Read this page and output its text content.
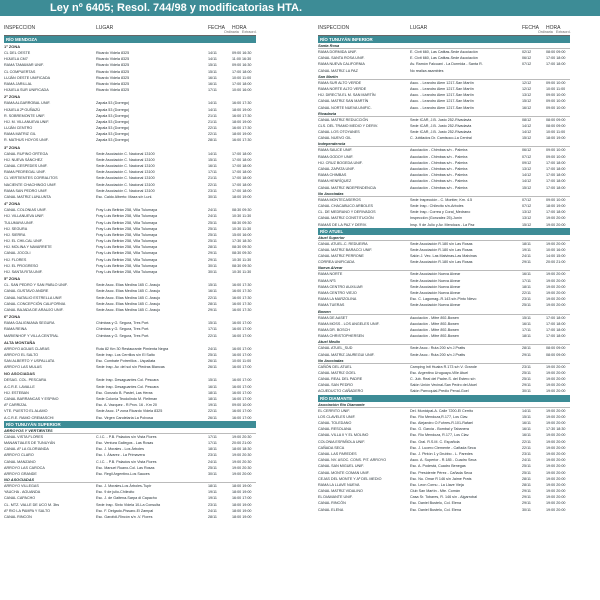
Ley nº 6405; Resol. 744/98 y modificatorias HTA.
INSPECCIÓN	LUGAR	FECHA HORA
Ordinaria Extraord.
RÍO MENDOZA
1ª ZONA
CL DEL OESTE	Ricardo Videla 8325	14/11	09:00 16:30
HIJUELA CM7	Ricardo Videla 8325	14/11	11:00 16:30
RAMA TAMAMAR UNIF.	Ricardo Videla 8325	15/11	09:00 16:30
CL COMPUERTAS	Ricardo Videla 8325	15/11	17:00 18:00
LUJÁN OESTE UNIFICADA	Ricardo Videla 8325	16/11	10:00 11:00
RAMA JARILLAL	Ricardo Videla 8325	16/11	17:00 18:00
HIJUELA SUR UNIFICADA	Ricardo Videla 8325	17/11	10:00 16:00
2ª ZONA
RAMA ALGARROBAL UNIF.	Zapala 53 (Dorrego)	14/11	16:00 17:30
HIJUELA 2ª GUÑAZÚ	Zapala 53 (Dorrego)	14/11	18:00 19:00
R. SOBREMONTE UNIF.	Zapala 53 (Dorrego)	21/11	16:00 17:30
HIJ. M. VILLANUEVA UNIF.	Zapala 53 (Dorrego)	21/11	18:00 19:00
LUJÁN CENTRO	Zapala 53 (Dorrego)	22/11	16:00 17:30
RAMA MATRIZ GIL	Zapala 53 (Dorrego)	22/11	18:00 19:00
R. MATHUS HOYOS UNIF.	Zapala 53 (Dorrego)	28/11	16:00 17:30
3ª ZONA
CANAL RUFINO ORTEGA	Sede Asociación C. Nacional 13100	14/11	17:00 18:00
HIJ. NUEVA SÁNCHEZ	Sede Asociación C. Nacional 13100	15/11	17:00 18:00
CANAL CESPEDES UNIF.	Sede Asociación C. Nacional 13100	16/11	17:00 18:00
RAMA PEDREGAL UNIF.	Sede Asociación C. Nacional 13100	17/11	17:00 18:00
CL VERTIENTES CORRALITOS	Sede Asociación C. Nacional 13100	21/11	17:00 18:00
NACIENTE CHACHINGO UNIF.	Sede Asociación C. Nacional 13100	22/11	17:00 18:00
RAMA SAN PEDRO UNIF.	Sede Asociación C. Nacional 13100	23/11	17:00 18:00
CANAL MATRIZ LUNLUNTA	Esc. Caldo Alberto: Maza s/n Lunl.	30/11	18:00 19:00
4ª ZONA
CANAL COLONIAS UNIF.	Fray Luis Beltrán 258, Villa Tulumaya	24/11	08:30 09:30
HIJ. VILLANUEVA UNIF.	Fray Luis Beltrán 258, Villa Tulumaya	24/11	10:30 11:30
TULUMAYA UNIF.	Fray Luis Beltrán 258, Villa Tulumaya	25/11	08:30 09:30
HIJ. SEGURA	Fray Luis Beltrán 258, Villa Tulumaya	25/11	10:30 11:30
HIJ. SIERRA	Fray Luis Beltrán 258, Villa Tulumaya	25/11	15:00 16:00
HIJ. EL CHILCAL UNIF.	Fray Luis Beltrán 258, Villa Tulumaya	25/11	17:30 18:30
HIJ. MOLINA Y NAVARRETE	Fray Luis Beltrán 258, Villa Tulumaya	28/11	08:30 09:30
CANAL JOCOLI	Fray Luis Beltrán 258, Villa Tulumaya	29/11	08:30 09:30
HIJ. FLORES	Fray Luis Beltrán 258, Villa Tulumaya	29/11	10:30 11:30
HIJ. EL PROGRESO	Fray Luis Beltrán 258, Villa Tulumaya	30/11	08:30 09:30
HIJ. SANTA RITA UNIF.	Fray Luis Beltrán 258, Villa Tulumaya	30/11	10:30 11:30
5ª ZONA
CL. SAN PEDRO Y SAN PABLO UNIF.	Sede Asoc. Elias Medina 165 C. Araujo	15/11	16:00 17:30
CANAL GUSTAVO ANDRE	Sede Asoc. Elias Medina 165 C. Araujo	16/11	16:00 17:30
CANAL NATALIO ESTRELLA UNIF.	Sede Asoc. Elias Medina 165 C. Araujo	22/11	16:00 17:30
CANAL CONCEPCIÓN CALIFORNIA	Sede Asoc. Elias Medina 165 C. Araujo	28/11	16:00 17:30
CANAL BAJADA DE ARAUJO UNIF.	Sede Asoc. Elias Medina 165 C. Araujo	29/11	16:00 17:30
6ª ZONA
RAMA GALIGNIANA SEGURA	Chimbas y G. Segura, Tres Port.	15/11	16:00 17:00
RAMA REINA	Chimbas y G. Segura, Tres Port.	17/11	16:00 17:00
MARIENHOF Y VILLA CENTRAL	Chimbas y G. Segura, Tres Port.	22/11	16:00 17:00
ALTA MONTAÑA
ARROYO AGUAS CLARAS	Ruta 82 Km 30 Restaurante Pimienta Negra	24/11	16:00 17:00
ARROYO EL SALTO	Sede Insp. Los Cerrillos s/n El Salto	25/11	16:00 17:00
SAN ALBERTO Y USPALLATA	Esc. Combate Potrerillos - Uspallata	26/11	10:00 11:00
ARROYO LAS MULAS	Sede Insp. Av. del sol s/n Piedras Blancas	26/11	16:00 17:00
NO ASOCIADAS
DESAG. COL. PESCARA	Sede Insp. Desaguantes Col. Pescara	15/11	16:00 17:00
A.C.R.E. LAVALLE	Sede Insp. Desaguantes Col. Pescara	16/11	16:00 17:00
HIJ. ESTEBAN	Esc. Gonzalo B. Pastel, Las Heras	18/11	16:00 17:00
CANAL BARRANCAS Y ESPINO	Sede Colonia Teodolindo M. Fleitman	18/11	16:00 17:00
Aº CARRIZAL	Esc. A. Vazquez - R.Prov. 16 - Km 20	19/11	09:00 10:00
VTE. PUESTO EL ALAMO	Sede Asoc. 1ª zona Ricardo Videla 8325	22/11	16:00 17:00
A.C.R.E. RAMO CREMASCHI	Esc. Virgen Candelaria La Polvosa	26/11	16:00 17:00
RÍO TUNUYÁN SUPERIOR
ARROYOS Y VERTIENTES
CANAL VISTA FLORES	C.I.C. - P.B. Palacios s/n Vista Flores	17/11	19:00 20:30
MANANTIALES DE TUNUYÁN	Esc. Ventura Gallegos - Las Rosas	17/11	20:00 21:00
CANAL Aº LA GLORIANDA	Esc. J. Morales - Los Árboles	18/11	18:00 18:30
ARROYO CLARO	Esc. I. Álvarez - La Primavera	23/11	19:00 20:30
CANAL MANZANO	C.I.C. - P.B. Palacios s/n Vista Flores	24/11	19:00 20:30
ARROYO LAS CAROCA	Esc. Manuel Ruano-Col. Las Rosas	25/11	19:00 20:30
ARROYO GRANDE	Esc. Regil Argentino-Los Sauces	30/11	19:00 20:00
NO ASOCIADAS
ARROYO VILLEGAS	Esc. J. Morales-Los Árboles-Tupir	18/11	18:00 19:00
YAUCHA - AGUANDA	Esc. 9 de julio-Chilecito	19/11	18:00 19:00
CANAL CAPACHO	Esc. J. de Gaitena-Sarpa di Capacho	19/11	16:00 17:00
CL. MTZ. VALLE DE UCO M. 3bs	Sede Insp. Sixto Videla 10-La Consulta	23/11	18:00 19:00
Aº RIO LA PAMPA Y SALTO	Esc. F. Delgado-Pissaro-El Zampal	24/11	18:00 19:00
CANAL RINCON	Esc. Garofoli-Rincón s/n -V. Flores	28/11	18:00 19:00
INSPECCIÓN	LUGAR	FECHA HORA
Ordinaria Extraord.
RÍO TUNUYÁN INFERIOR
Santa Rosa
RAMA DORMIDA UNIF.	E. Civit 660, Las Catitas-Sede Asociación	02/12	08:00 09:00
CANAL SANTA ROSA UNIF.	E. Civit 660, Las Catitas-Sede Asociación	06/12	17:00 18:00
RAMA NUEVA CALIFORNIA	Av. Ramón Falcuani - La Dormida - Santa R.	07/12	17:00 18:00
CANAL MATRIZ LA PAZ	No realiza asambles
San Martín
RAMA SUR ALTO VERDE	Asoc. - Leandro Alem 1217-San Martín	12/12	09:00 10:00
RAMA NORTE ALTO VERDE	Asoc. - Leandro Alem 1217-San Martín	12/12	10:00 11:00
HIJ. DIRECTA EL M. SAN MARTÍN	Asoc. - Leandro Alem 1217-San Martín	13/12	09:00 10:00
CANAL MATRIZ SAN MARTÍN	Asoc. - Leandro Alem 1217-San Martín	15/12	09:00 10:00
CANAL NORTE NUEVA UNIFIC.	Asoc. - Leandro Alem 1217-San Martín	16/12	09:00 10:00
Rivadavia
CANAL MATRIZ REDUCCIÓN	Sede ICAR, J.B. Justo 252-Rivadavia	08/12	08:00 09:00
CLS. DEL TRAMO MEDIO Y DERIV.	Sede ICAR, J.B. Justo 252-Rivadavia	14/12	08:00 09:00
CANAL LOS OTOYANES	Sede ICAR, J.B. Justo 252-Rivadavia	14/12	10:00 11:00
CANAL NUEVO GIL	C. Jubilados Dr. Camisoco-La Central	15/12	18:00 19:00
Independencia
RAMA SAUCE UNIF.	Asociación - Chimbas s/n - Palmira	06/12	09:00 10:00
RAMA GODOY UNIF.	Asociación - Chimbas s/n - Palmira	07/12	09:00 10:00
HIJ. CRUZ BOGEDA UNIF.	Asociación - Chimbas s/n - Palmira	09/12	17:00 18:00
CANAL ZAPATA UNIF.	Asociación - Chimbas s/n - Palmira	13/12	17:00 18:00
RAMA CHIMBAS	Asociación - Chimbas s/n - Palmira	14/12	17:00 18:00
RAMA HENRÍQUEZ	Asociación - Chimbas s/n - Palmira	14/12	17:00 18:00
CANAL MATRIZ INDEPENDENCIA	Asociación - Chimbas s/n - Palmira	15/12	17:00 18:00
No Asociadas
RAMA MONTECASEROS	Sede Inspección - C. Montier, Km. 4.5	07/12	09:00 10:00
CANAL CHACABUCO ARBOLES	Sede Insp.: Chilecito s/n-Arboles	07/12	18:00 19:00
CL. DE MEDRANO Y DERIVADOS	Sede Insp.: Correa y Coral_Medrano	13/12	17:00 18:00
CANAL MATRIZ CONSTITUCIÓN	Inspección (Gonzalez 25)-Junín	13/12	19:00 20:00
RAMAS DE LA PAZ Y DERIV.	Insp. 9 de Julio y Av. Mendoza - La Paz	15/12	19:00 20:00
RÍO ATUEL
Atuel Superior
CANAL ATUEL-C. REDUEIRA	Sede Asociación R.180 s/n Las Rosas	18/11	19:00 20:00
CANAL MATRIZ BARACCI UNIF.	Sede Asociación R.180 s/n Las Rosas	19/11	10:00 16:00
CANAL MATRIZ PERRONE	Salón J. Vec. Las Malvinas-Las Malvinas	24/11	14:00 15:00
CORREA UNIFICADA	Sede Asociación R.180 s/n Las Rosas	29/11	20:00 21:00
Nueva Alvear
RAMA NORTE	Sede Asociación Nueva Alvear	16/11	19:00 20:00
RAMA Nº3	Sede Asociación Nueva Alvear	17/11	19:00 20:00
RAMA CENTRO AUXILIAR	Sede Asociación Nueva Alvear	18/11	19:00 20:00
RAMA CENTRO VIEJO	Sede Asociación Nueva Alvear	22/11	19:00 20:00
RAMA LA MARZOLINA	Esc. C. Lagomag.-R.143 s/n-Pinto Nievo	23/11	19:00 20:00
RAMA TUERAS	Sede Asociación Nueva Alvear	25/11	19:00 20:00
Bowen
RAMA DE AASET	Asociación - Mitre 892-Bowen	15/11	17:00 18:00
RAMA MOSS - LOS ANGELES UNIF.	Asociación - Mitre 892-Bowen	16/11	17:00 18:00
RAMA DR. BOSCH	Asociación - Mitre 892-Bowen	17/11	17:00 18:00
RAMA CHRISTOPHERSEN	Asociación - Mitre 892-Bowen	18/11	17:00 18:00
Atuel Medio
CANAL ATUEL_SUD	Sede Asoc.: Ruta 200 s/n J.Pratts	28/11	08:00 09:00
CANAL MATRIZ JAUREGUI UNIF.	Sede Asoc.: Ruta 200 s/n J.Pratts	29/11	08:00 09:00
No Asociadas
CAÑÓN DEL ATUEL	Camping Intl Hualra R.173 s/n V. Grande	23/11	19:00 20:00
CANAL MATRIZ GOEL	Esc. Argentino Uruguayo-Ville Atuel	25/11	19:00 20:00
CANAL REAL DEL PADRE	C. Jub. Real del Padre-S. del Estero s/n	25/11	19:00 20:00
CANAL SAN PEDRO	Salón Unión Vecinal-San Pedro del Atuel	29/11	19:00 20:00
ACUEDUCTO CAÑADERO	Salón Parroquial-Predio Penal-Goel	30/11	19:00 20:00
RÍO DIAMANTE
Asociación Río Diamante
EL CERRITO UNIF.	Del. Municipal-A. Calle 7200-El Cerrito	14/11	19:00 20:00
LOS CLAVELES UNIF.	Esc. Río Mendoza,R.177, Los Clav.	15/11	19:00 20:00
CANAL TOLEDANO	Esc. Alejandro O.Fuhres-R.101-Rafael	16/11	19:00 20:00
CANAL RESOLANA	Esc. G. Garcia - Bombal y Tabanera	16/11	17:30 18:30
CANAL VILLA II Y EL MOLINO	Esc. Río Mendoza, R.177, Los Clav.	16/11	19:00 20:00
COLONIA ESPAÑOLA UNIF.	Esc. Gral. R.S.M. C. Española	22/11	19:00 20:00
CAÑADA SECA	Esc. J. Lucero Clemente - Cañada Seca	22/11	19:00 20:00
CANAL LAS PAREDES	Esc. J. Pintón 1 y Drubbo - L. Paredes	23/11	19:00 20:00
CANAL NV. ASOC. CONS. PIT. ARROYO	Asoc. A. Superior - R.185 - Cuadro Seca	24/11	19:00 20:00
CANAL SAN MIGUEL UNIF.	Esc. A. Podestá, Cuadro Benegas	25/11	19:00 20:00
CANAL MONTE COMAN UNIF.	Esc. Presidente Pérez - Cañada Seca	25/11	19:00 20:00
CEJAS DEL MONTE Y Aº DEL MEDIO	Esc. Nu. Omar R 146 s/n Jaime Prats	28/11	19:00 20:00
RAMA LA LLAVE NUEVA	Esc. Leon Cornu - La Llave Vieja	28/11	19:00 20:00
CANAL MATRIZ VIDALINO	Club San Martín - Mte. Comán	29/11	19:00 20:00
EL DIAMANTE UNIF.	Casa Sr. Tobares, R. 146 s/n - Algarrobal	29/11	19:00 20:00
CANAL RINCÓN	Esc. Daniel Bustelo, Col. Elena	29/11	19:00 20:00
CANAL ELENA	Esc. Daniel Bustelo, Col. Elena	30/11	19:00 20:00
